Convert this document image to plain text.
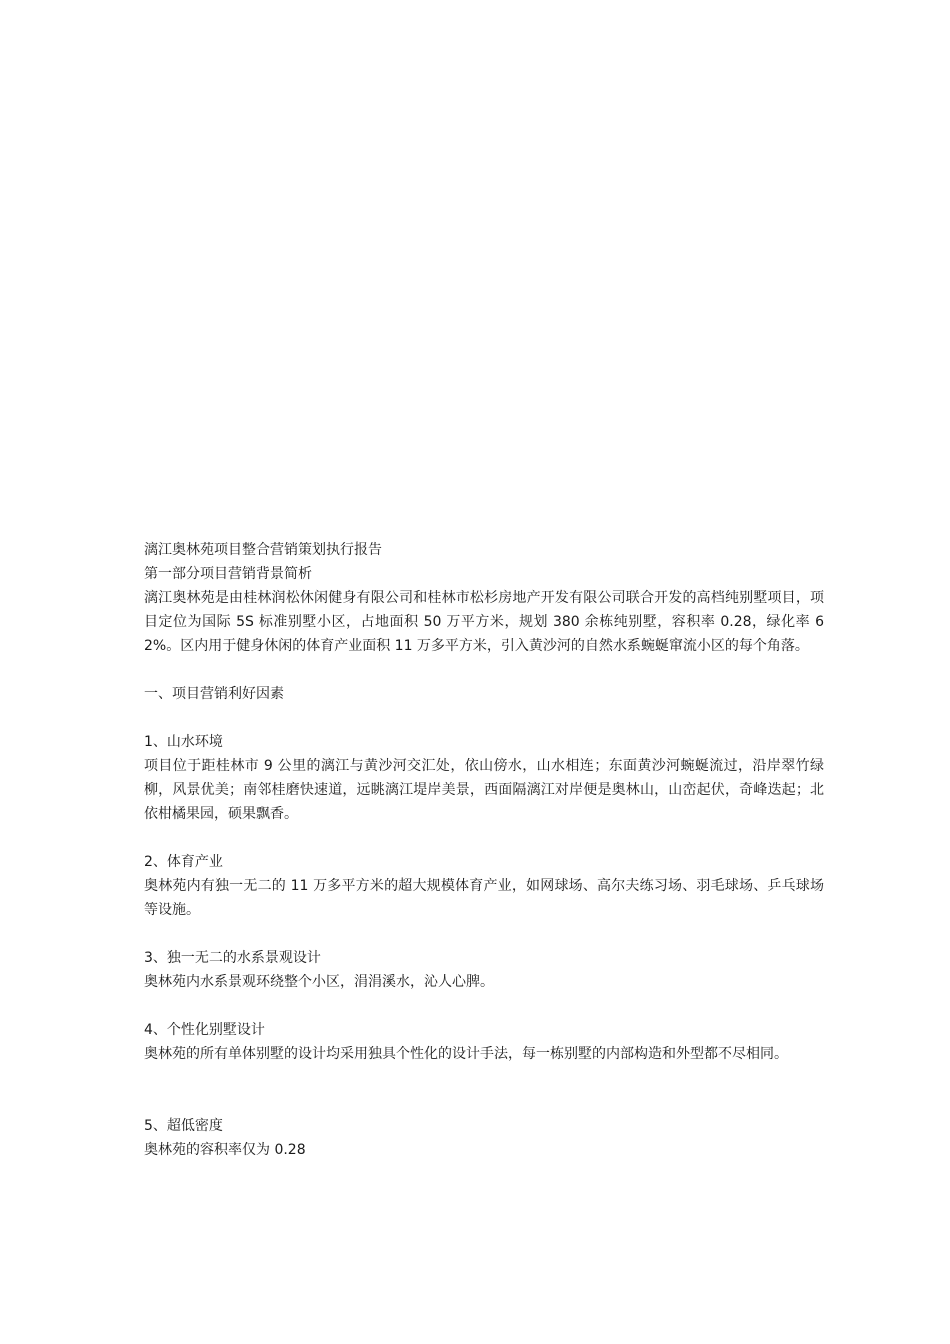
漓江奥林苑项目整合营销策划执行报告

第一部分项目营销背景简析

漓江奥林苑是由桂林润松休闲健身有限公司和桂林市松杉房地产开发有限公司联合开发的高档纯别墅项目，项目定位为国际 5S 标准别墅小区，占地面积 50 万平方米，规划 380 余栋纯别墅，容积率 0.28，绿化率 62%。区内用于健身休闲的体育产业面积 11 万多平方米，引入黄沙河的自然水系蜿蜒窜流小区的每个角落。

一、项目营销利好因素

1、山水环境

项目位于距桂林市 9 公里的漓江与黄沙河交汇处，依山傍水，山水相连；东面黄沙河蜿蜒流过，沿岸翠竹绿柳，风景优美；南邻桂磨快速道，远眺漓江堤岸美景，西面隔漓江对岸便是奥林山，山峦起伏，奇峰迭起；北依柑橘果园，硕果飘香。

2、体育产业

奥林苑内有独一无二的 11 万多平方米的超大规模体育产业，如网球场、高尔夫练习场、羽毛球场、乒乓球场等设施。

3、独一无二的水系景观设计

奥林苑内水系景观环绕整个小区，涓涓溪水，沁人心脾。

4、个性化别墅设计

奥林苑的所有单体别墅的设计均采用独具个性化的设计手法，每一栋别墅的内部构造和外型都不尽相同。

5、超低密度

奥林苑的容积率仅为 0.28
